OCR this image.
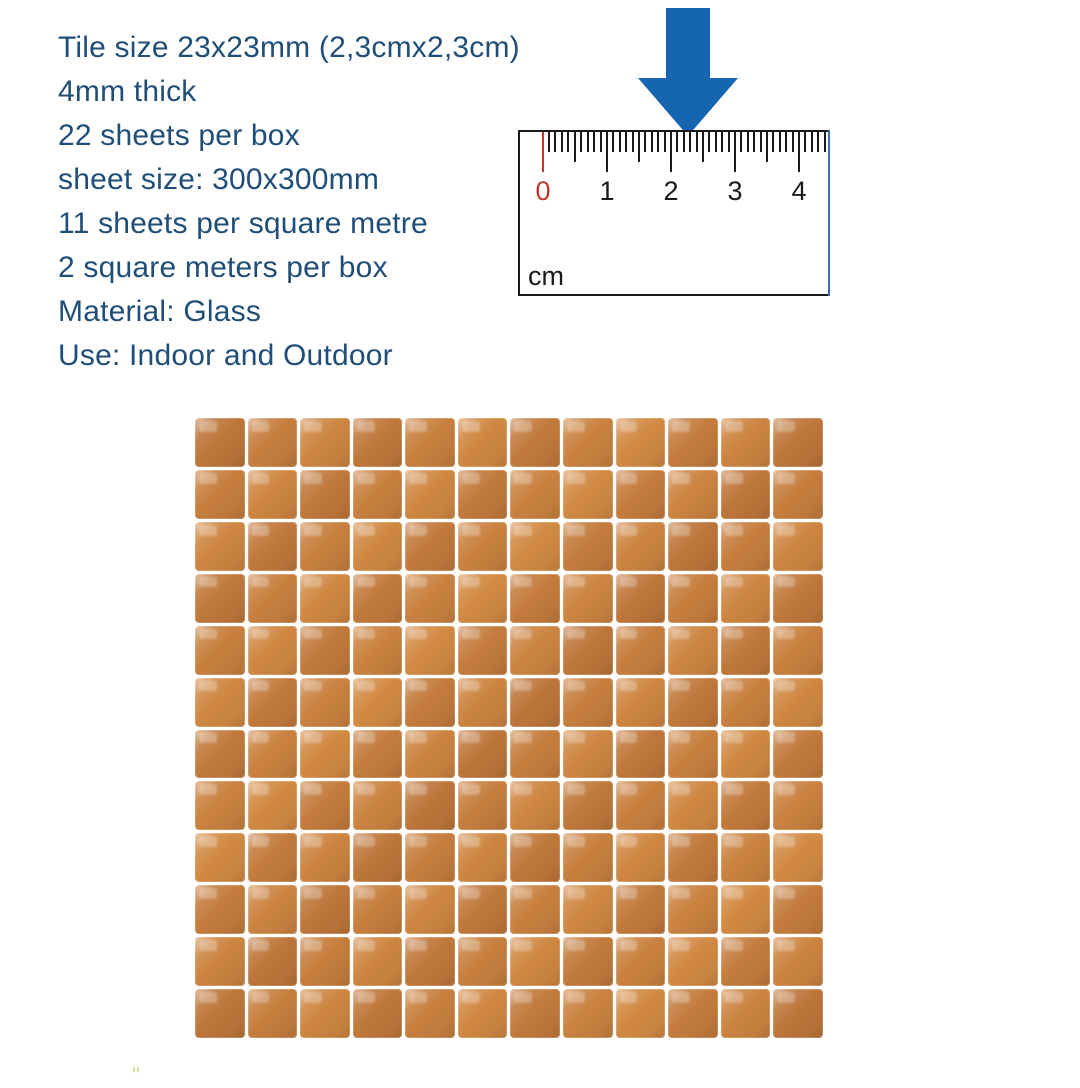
Tile size 23x23mm (2,3cmx2,3cm)
4mm thick
22 sheets per box
sheet size: 300x300mm
11 sheets per square metre
2 square meters per box
Material: Glass
Use: Indoor and Outdoor
0 1 2 3 4
cm
''
